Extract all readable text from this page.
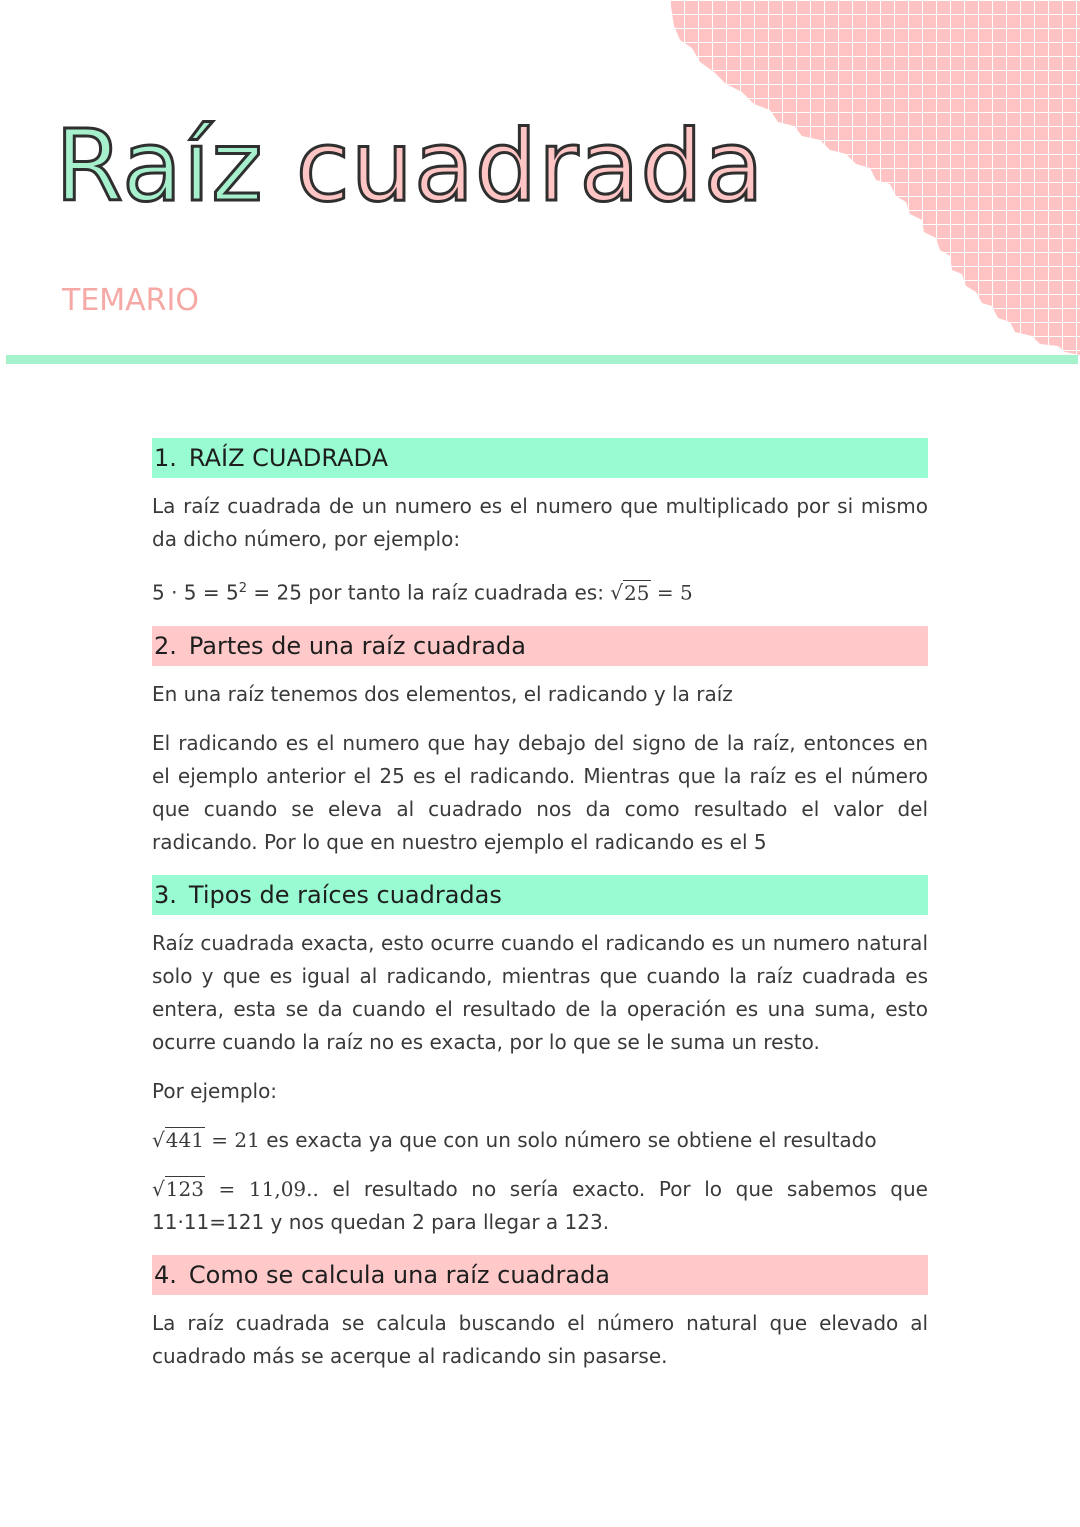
Raíz cuadrada
TEMARIO
1. RAÍZ CUADRADA

La raíz cuadrada de un numero es el numero que multiplicado por si mismo da dicho número, por ejemplo:

$5 \cdot 5 = 5^2 = 25$ por tanto la raíz cuadrada es: √25 = 5

2. Partes de una raíz cuadrada

En una raíz tenemos dos elementos, el radicando y la raíz

El radicando es el numero que hay debajo del signo de la raíz, entonces en el ejemplo anterior el 25 es el radicando. Mientras que la raíz es el número que cuando se eleva al cuadrado nos da como resultado el valor del radicando. Por lo que en nuestro ejemplo el radicando es el 5

3. Tipos de raíces cuadradas

Raíz cuadrada exacta, esto ocurre cuando el radicando es un numero natural solo y que es igual al radicando, mientras que cuando la raíz cuadrada es entera, esta se da cuando el resultado de la operación es una suma, esto ocurre cuando la raíz no es exacta, por lo que se le suma un resto.

Por ejemplo:

√441 = 21 es exacta ya que con un solo número se obtiene el resultado

√123 = 11,09.. el resultado no sería exacto. Por lo que sabemos que 11·11=121 y nos quedan 2 para llegar a 123.

4. Como se calcula una raíz cuadrada

La raíz cuadrada se calcula buscando el número natural que elevado al cuadrado más se acerque al radicando sin pasarse.
